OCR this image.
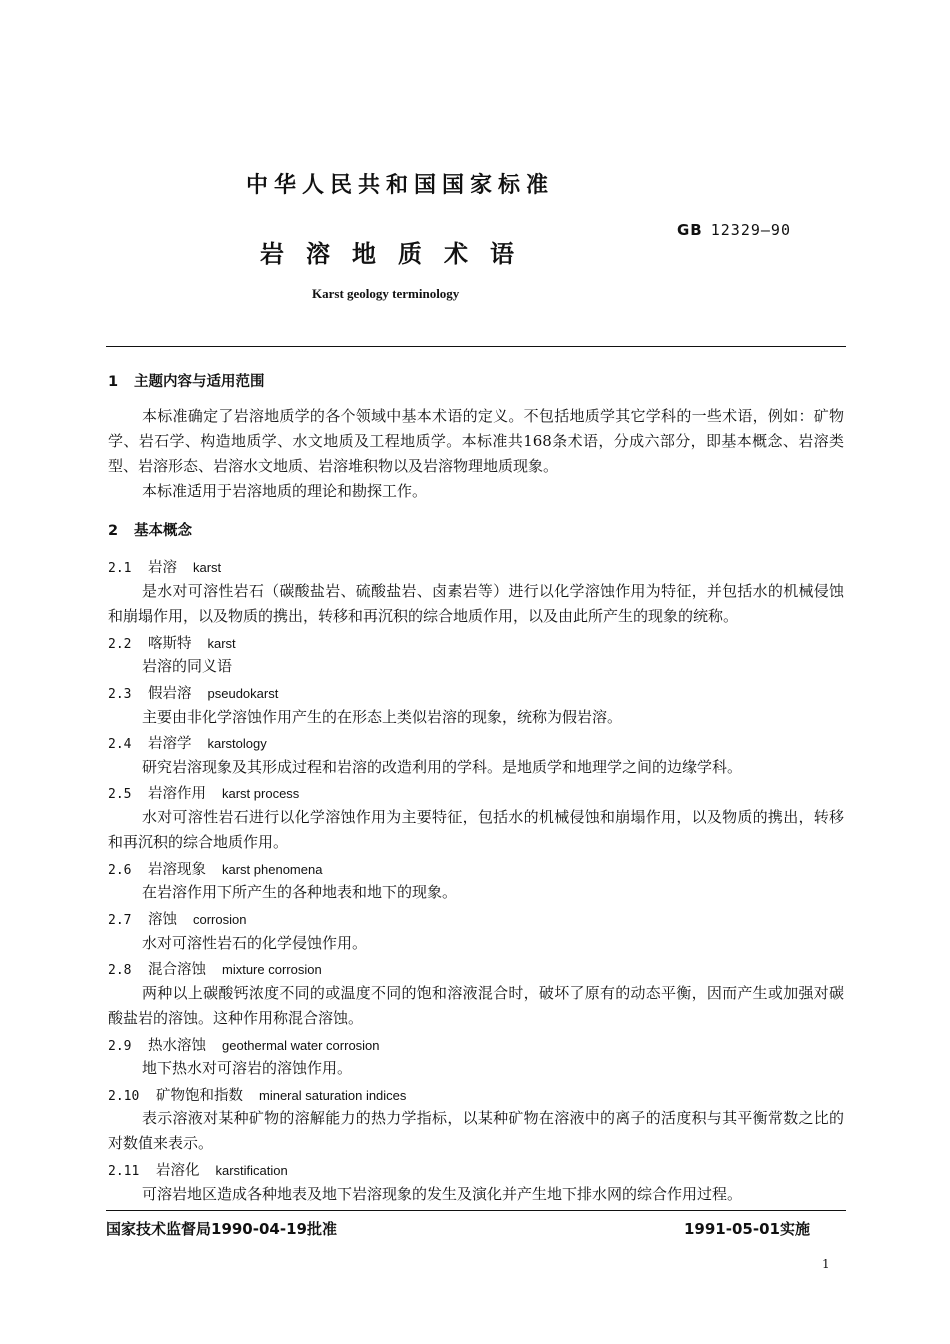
中华人民共和国国家标准
岩溶地质术语
GB 12329—90
Karst geology terminology
1 主题内容与适用范围
本标准确定了岩溶地质学的各个领域中基本术语的定义。不包括地质学其它学科的一些术语，例如：矿物学、岩石学、构造地质学、水文地质及工程地质学。本标准共168条术语，分成六部分，即基本概念、岩溶类型、岩溶形态、岩溶水文地质、岩溶堆积物以及岩溶物理地质现象。
本标准适用于岩溶地质的理论和勘探工作。
2 基本概念
2.1 岩溶 karst
是水对可溶性岩石（碳酸盐岩、硫酸盐岩、卤素岩等）进行以化学溶蚀作用为特征，并包括水的机械侵蚀和崩塌作用，以及物质的携出，转移和再沉积的综合地质作用，以及由此所产生的现象的统称。
2.2 喀斯特 karst
岩溶的同义语
2.3 假岩溶 pseudokarst
主要由非化学溶蚀作用产生的在形态上类似岩溶的现象，统称为假岩溶。
2.4 岩溶学 karstology
研究岩溶现象及其形成过程和岩溶的改造利用的学科。是地质学和地理学之间的边缘学科。
2.5 岩溶作用 karst process
水对可溶性岩石进行以化学溶蚀作用为主要特征，包括水的机械侵蚀和崩塌作用，以及物质的携出，转移和再沉积的综合地质作用。
2.6 岩溶现象 karst phenomena
在岩溶作用下所产生的各种地表和地下的现象。
2.7 溶蚀 corrosion
水对可溶性岩石的化学侵蚀作用。
2.8 混合溶蚀 mixture corrosion
两种以上碳酸钙浓度不同的或温度不同的饱和溶液混合时，破坏了原有的动态平衡，因而产生或加强对碳酸盐岩的溶蚀。这种作用称混合溶蚀。
2.9 热水溶蚀 geothermal water corrosion
地下热水对可溶岩的溶蚀作用。
2.10 矿物饱和指数 mineral saturation indices
表示溶液对某种矿物的溶解能力的热力学指标，以某种矿物在溶液中的离子的活度积与其平衡常数之比的对数值来表示。
2.11 岩溶化 karstification
可溶岩地区造成各种地表及地下岩溶现象的发生及演化并产生地下排水网的综合作用过程。
国家技术监督局1990-04-19批准	1991-05-01实施
1
